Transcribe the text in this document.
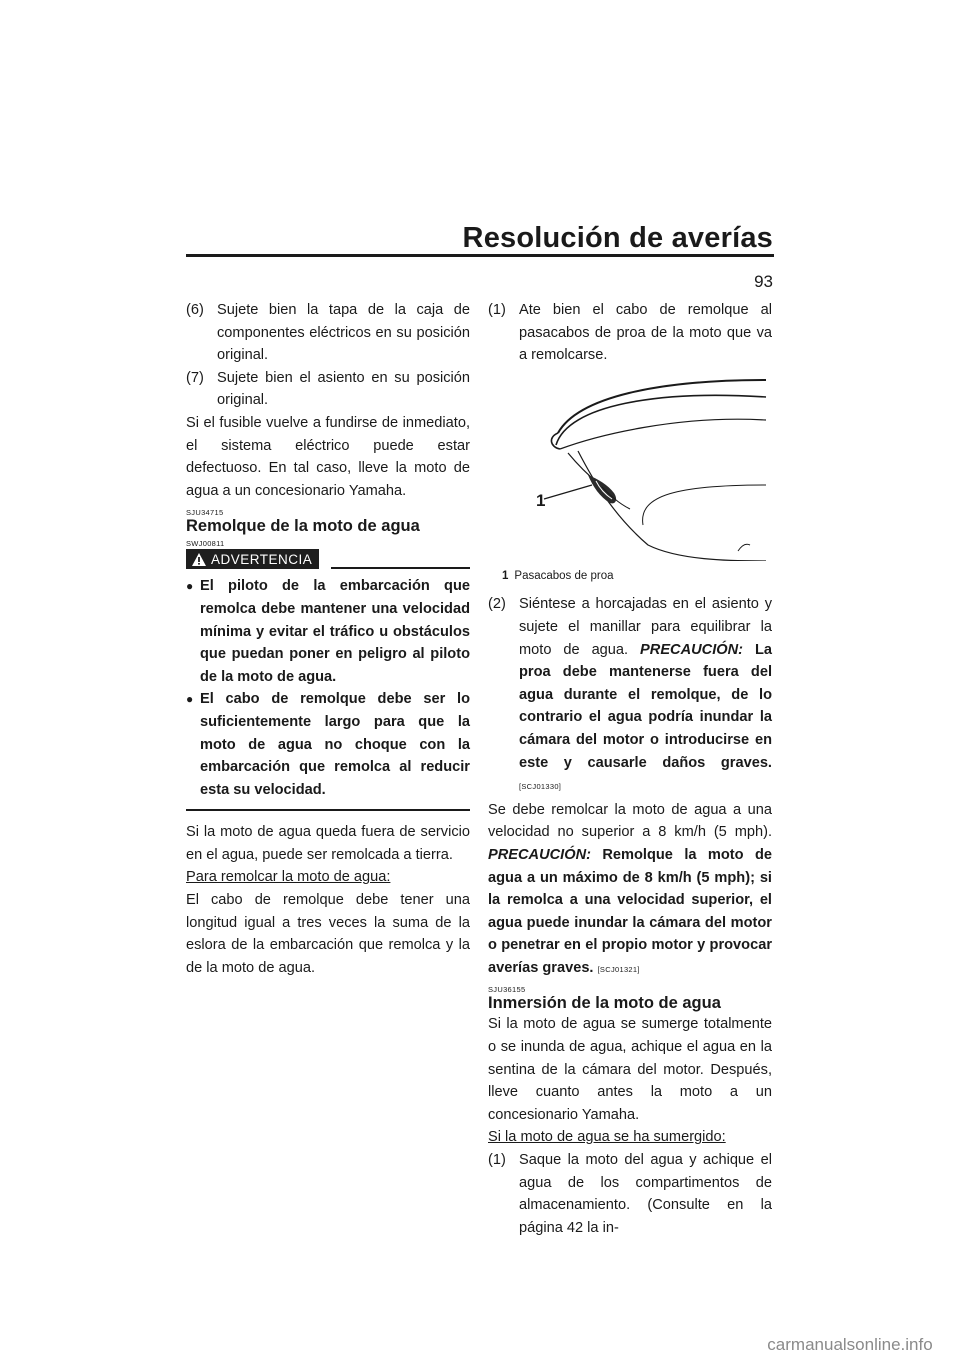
Resolución de averías
93
(6) Sujete bien la tapa de la caja de componentes eléctricos en su posición original.
(7) Sujete bien el asiento en su posición original.

Si el fusible vuelve a fundirse de inmediato, el sistema eléctrico puede estar defectuoso. En tal caso, lleve la moto de agua a un concesionario Yamaha.

SJU34715
Remolque de la moto de agua
SWJ00811
ADVERTENCIA
● El piloto de la embarcación que remolca debe mantener una velocidad mínima y evitar el tráfico u obstáculos que puedan poner en peligro al piloto de la moto de agua.
● El cabo de remolque debe ser lo suficientemente largo para que la moto de agua no choque con la embarcación que remolca al reducir esta su velocidad.

Si la moto de agua queda fuera de servicio en el agua, puede ser remolcada a tierra.

Para remolcar la moto de agua:

El cabo de remolque debe tener una longitud igual a tres veces la suma de la eslora de la embarcación que remolca y la de la moto de agua.

(1) Ate bien el cabo de remolque al pasacabos de proa de la moto que va a remolcarse.
1
1 Pasacabos de proa
(2) Siéntese a horcajadas en el asiento y sujete el manillar para equilibrar la moto de agua. PRECAUCIÓN: La proa debe mantenerse fuera del agua durante el remolque, de lo contrario el agua podría inundar la cámara del motor o introducirse en este y causarle daños graves. [SCJ01330]

Se debe remolcar la moto de agua a una velocidad no superior a 8 km/h (5 mph). PRECAUCIÓN: Remolque la moto de agua a un máximo de 8 km/h (5 mph); si la remolca a una velocidad superior, el agua puede inundar la cámara del motor o penetrar en el propio motor y provocar averías graves. [SCJ01321]

SJU36155
Inmersión de la moto de agua

Si la moto de agua se sumerge totalmente o se inunda de agua, achique el agua en la sentina de la cámara del motor. Después, lleve cuanto antes la moto a un concesionario Yamaha.

Si la moto de agua se ha sumergido:

(1) Saque la moto del agua y achique el agua de los compartimentos de almacenamiento. (Consulte en la página 42 la in-
carmanualsonline.info
